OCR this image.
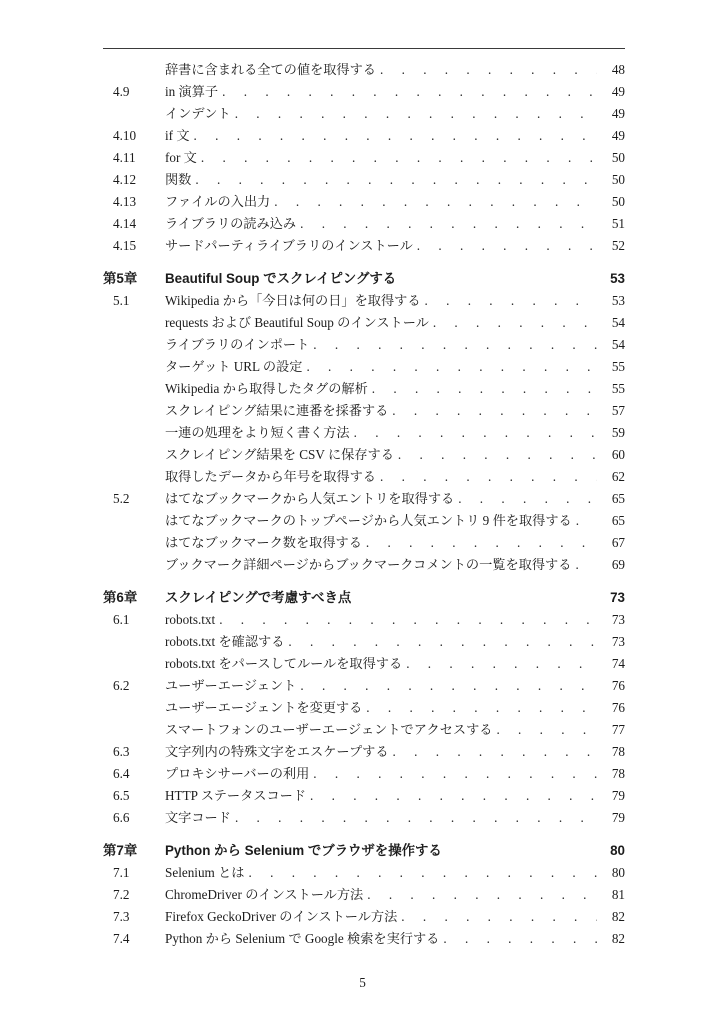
辞書に含まれる全ての値を取得する . . .	48
4.9	in 演算子 . . .	49
インデント . . .	49
4.10	if 文 . . .	49
4.11	for 文 . . .	50
4.12	関数 . . .	50
4.13	ファイルの入出力 . . .	50
4.14	ライブラリの読み込み . . .	51
4.15	サードパーティライブラリのインストール . . .	52
第5章	Beautiful Soup でスクレイピングする	53
5.1	Wikipedia から「今日は何の日」を取得する . . .	53
requests および Beautiful Soup のインストール . . .	54
ライブラリのインポート . . .	54
ターゲット URL の設定 . . .	55
Wikipedia から取得したタグの解析 . . .	55
スクレイピング結果に連番を採番する . . .	57
一連の処理をより短く書く方法 . . .	59
スクレイピング結果を CSV に保存する . . .	60
取得したデータから年号を取得する . . .	62
5.2	はてなブックマークから人気エントリを取得する . . .	65
はてなブックマークのトップページから人気エントリ 9 件を取得する . . .	65
はてなブックマーク数を取得する . . .	67
ブックマーク詳細ページからブックマークコメントの一覧を取得する . . .	69
第6章	スクレイピングで考慮すべき点	73
6.1	robots.txt . . .	73
robots.txt を確認する . . .	73
robots.txt をパースしてルールを取得する . . .	74
6.2	ユーザーエージェント . . .	76
ユーザーエージェントを変更する . . .	76
スマートフォンのユーザーエージェントでアクセスする . . .	77
6.3	文字列内の特殊文字をエスケープする . . .	78
6.4	プロキシサーバーの利用 . . .	78
6.5	HTTP ステータスコード . . .	79
6.6	文字コード . . .	79
第7章	Python から Selenium でブラウザを操作する	80
7.1	Selenium とは . . .	80
7.2	ChromeDriver のインストール方法 . . .	81
7.3	Firefox GeckoDriver のインストール方法 . . .	82
7.4	Python から Selenium で Google 検索を実行する . . .	82
5
